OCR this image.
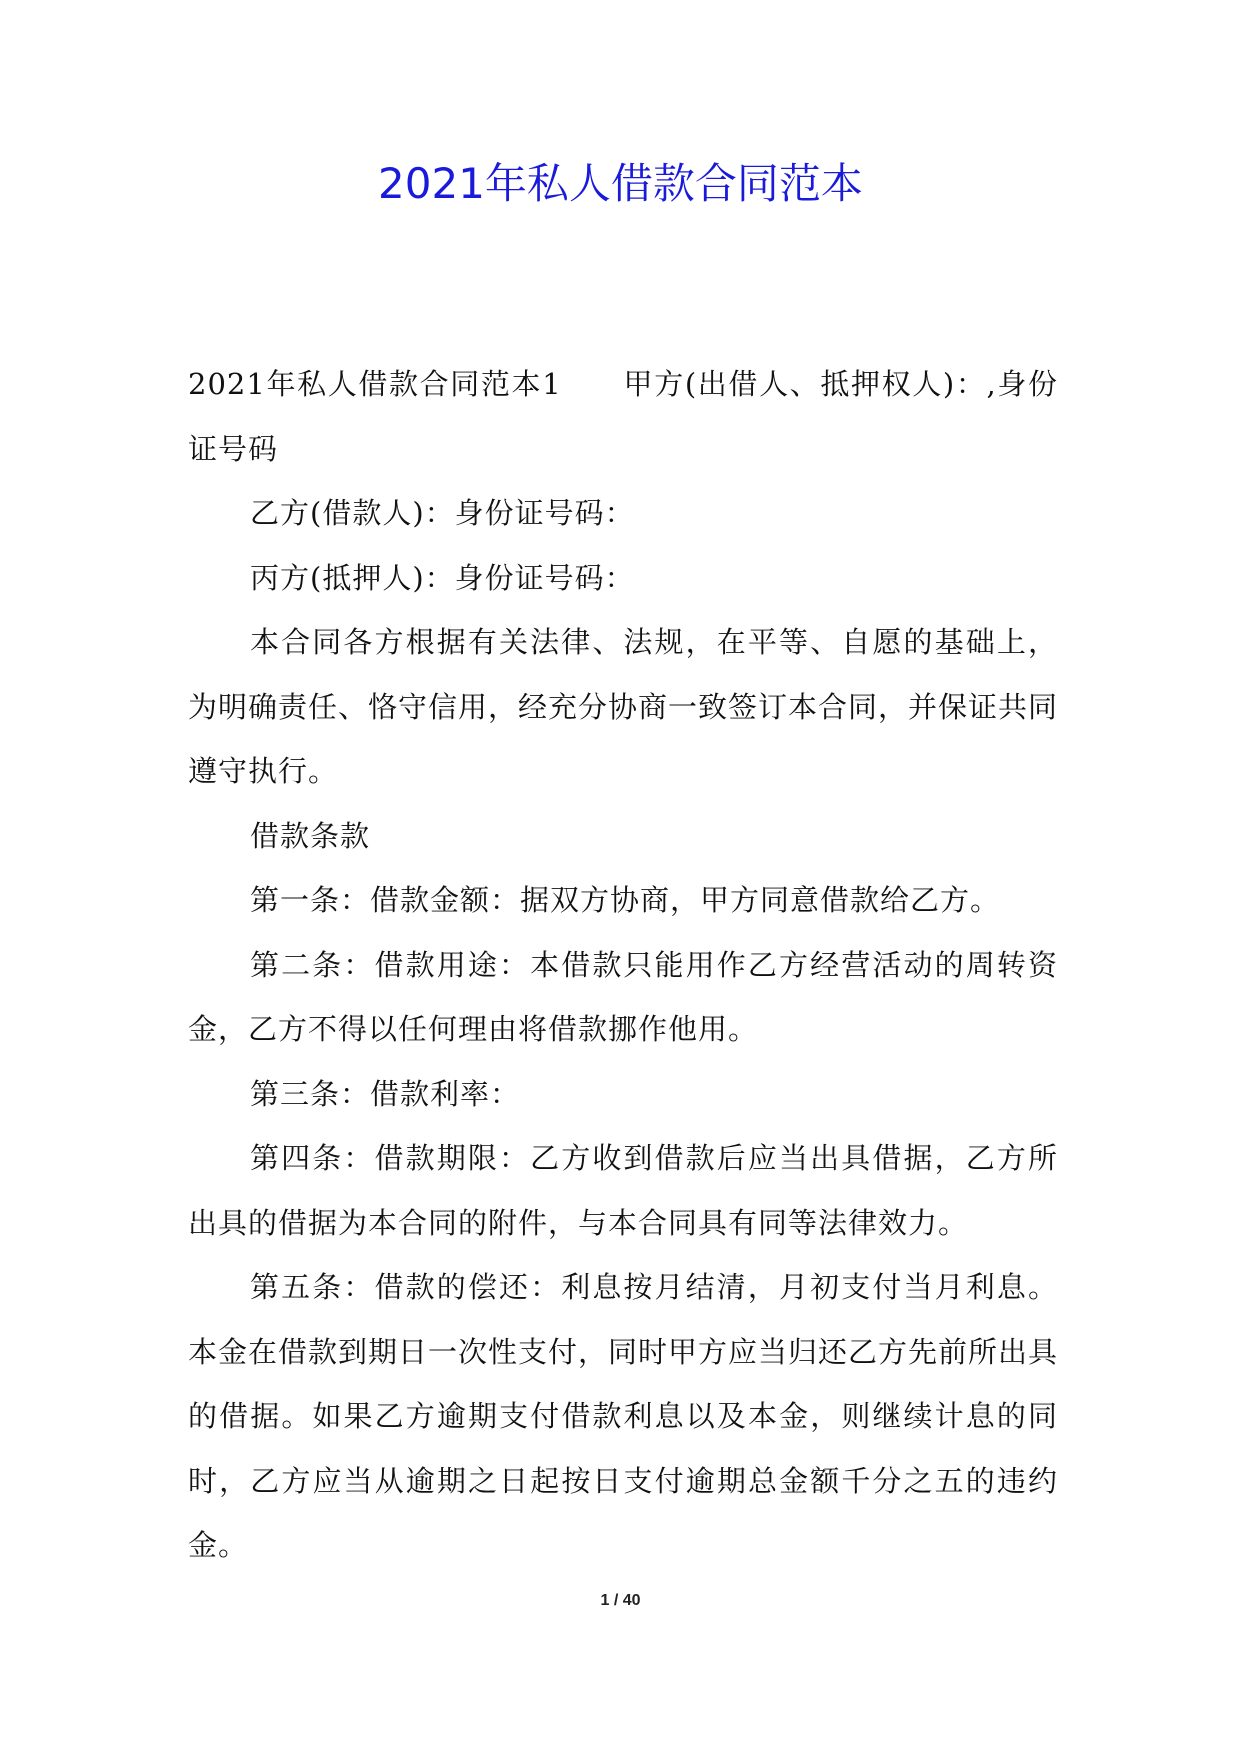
2021年私人借款合同范本

2021年私人借款合同范本1　　甲方(出借人、抵押权人)：,身份证号码

乙方(借款人)：身份证号码：

丙方(抵押人)：身份证号码：

本合同各方根据有关法律、法规，在平等、自愿的基础上，为明确责任、恪守信用，经充分协商一致签订本合同，并保证共同遵守执行。

借款条款

第一条：借款金额：据双方协商，甲方同意借款给乙方。

第二条：借款用途：本借款只能用作乙方经营活动的周转资金，乙方不得以任何理由将借款挪作他用。

第三条：借款利率：

第四条：借款期限：乙方收到借款后应当出具借据，乙方所出具的借据为本合同的附件，与本合同具有同等法律效力。

第五条：借款的偿还：利息按月结清，月初支付当月利息。本金在借款到期日一次性支付，同时甲方应当归还乙方先前所出具的借据。如果乙方逾期支付借款利息以及本金，则继续计息的同时，乙方应当从逾期之日起按日支付逾期总金额千分之五的违约金。

1 / 40
